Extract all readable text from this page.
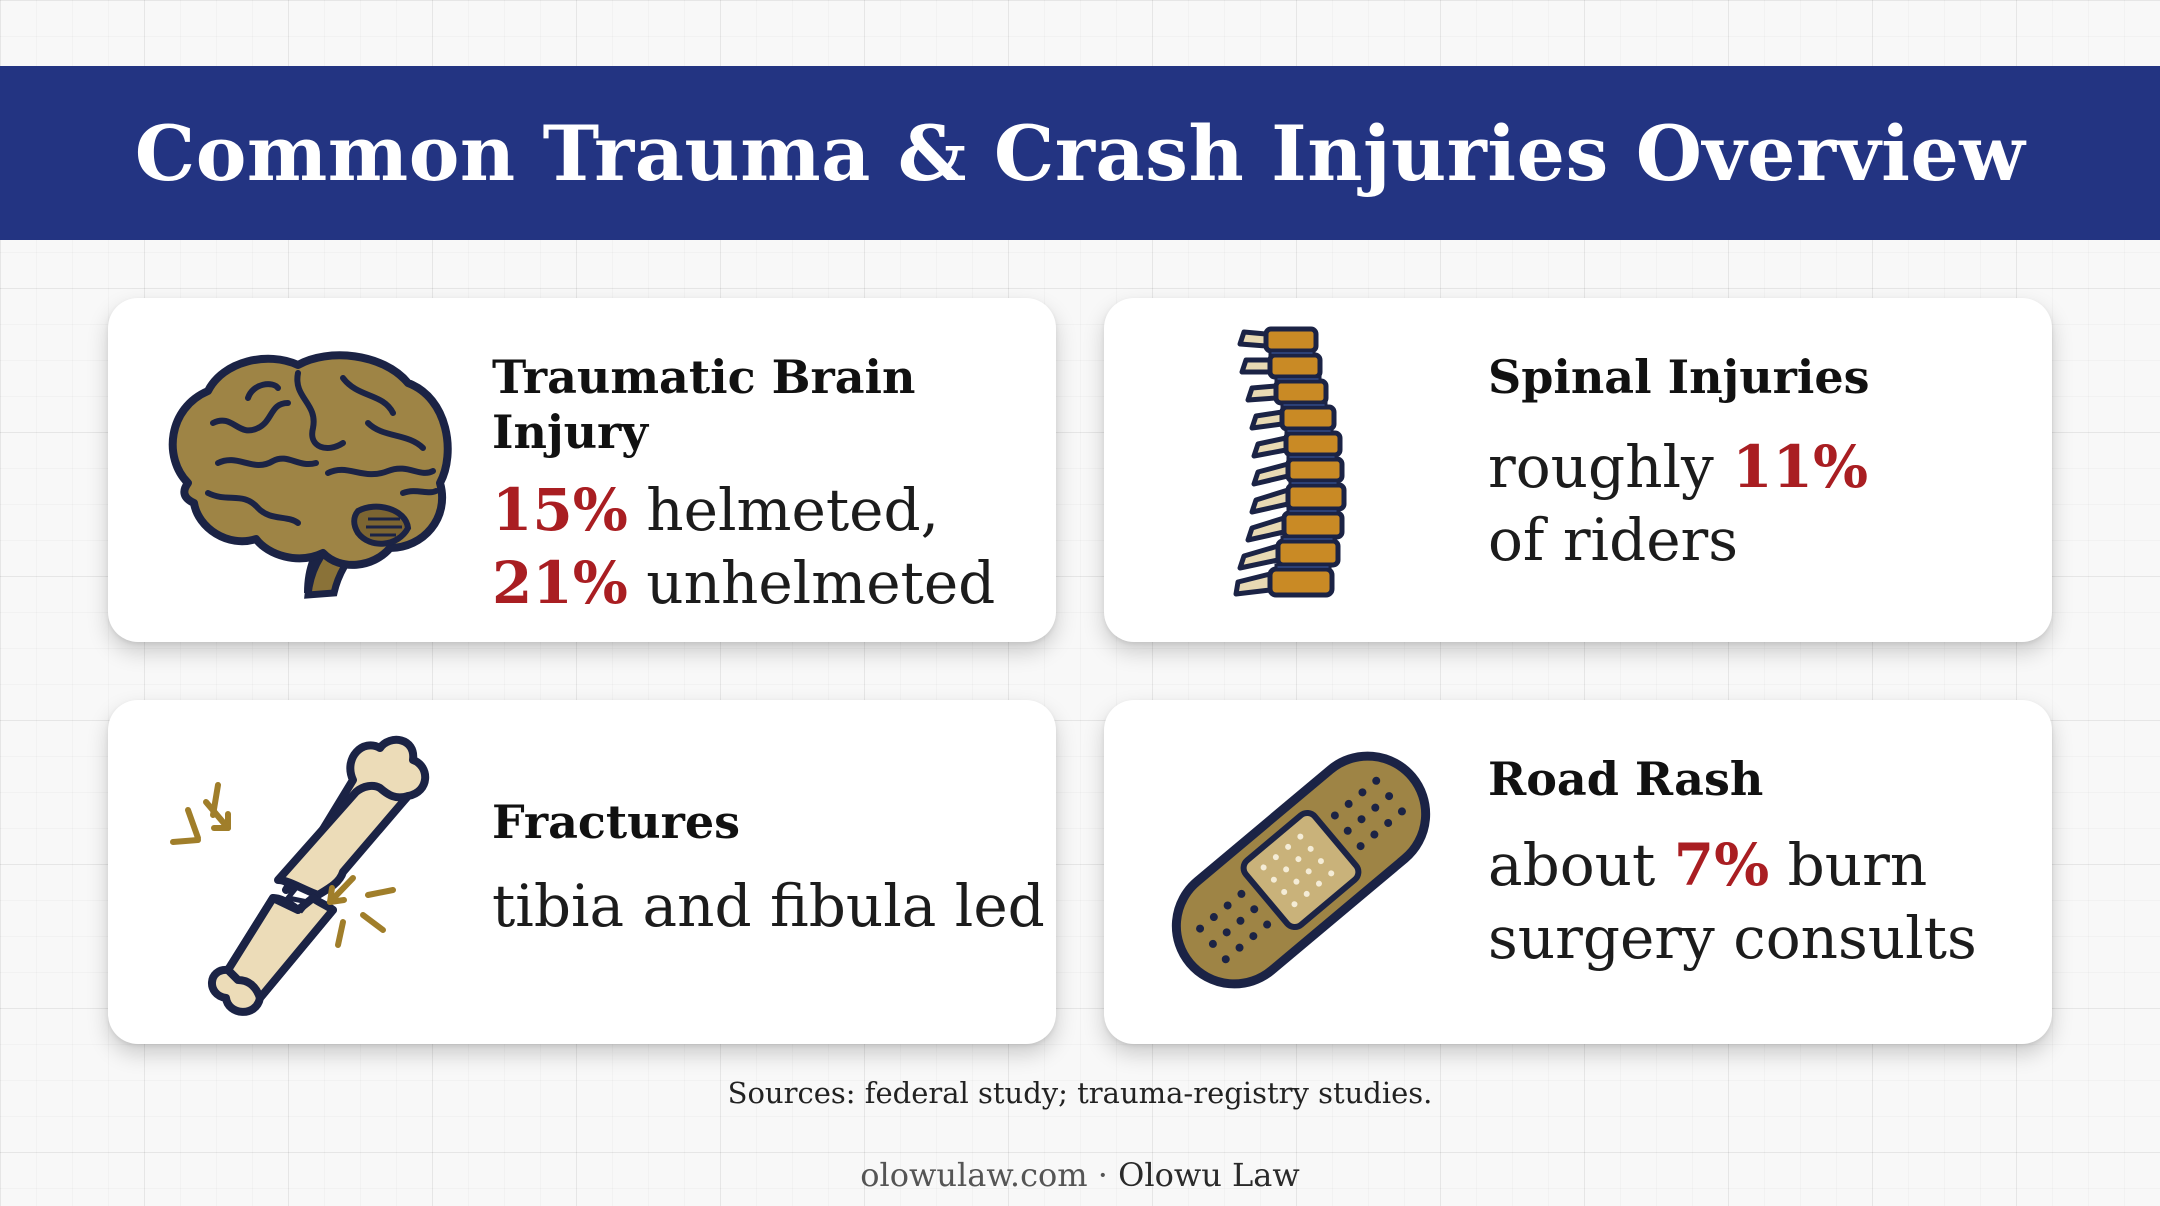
Common Trauma & Crash Injuries Overview

Traumatic Brain Injury

15% helmeted,

21% unhelmeted

Spinal Injuries

roughly 11%

of riders

Fractures

tibia and fibula led

Road Rash

about 7% burn

surgery consults

Sources: federal study; trauma-registry studies.
olowulaw.com · Olowu Law
